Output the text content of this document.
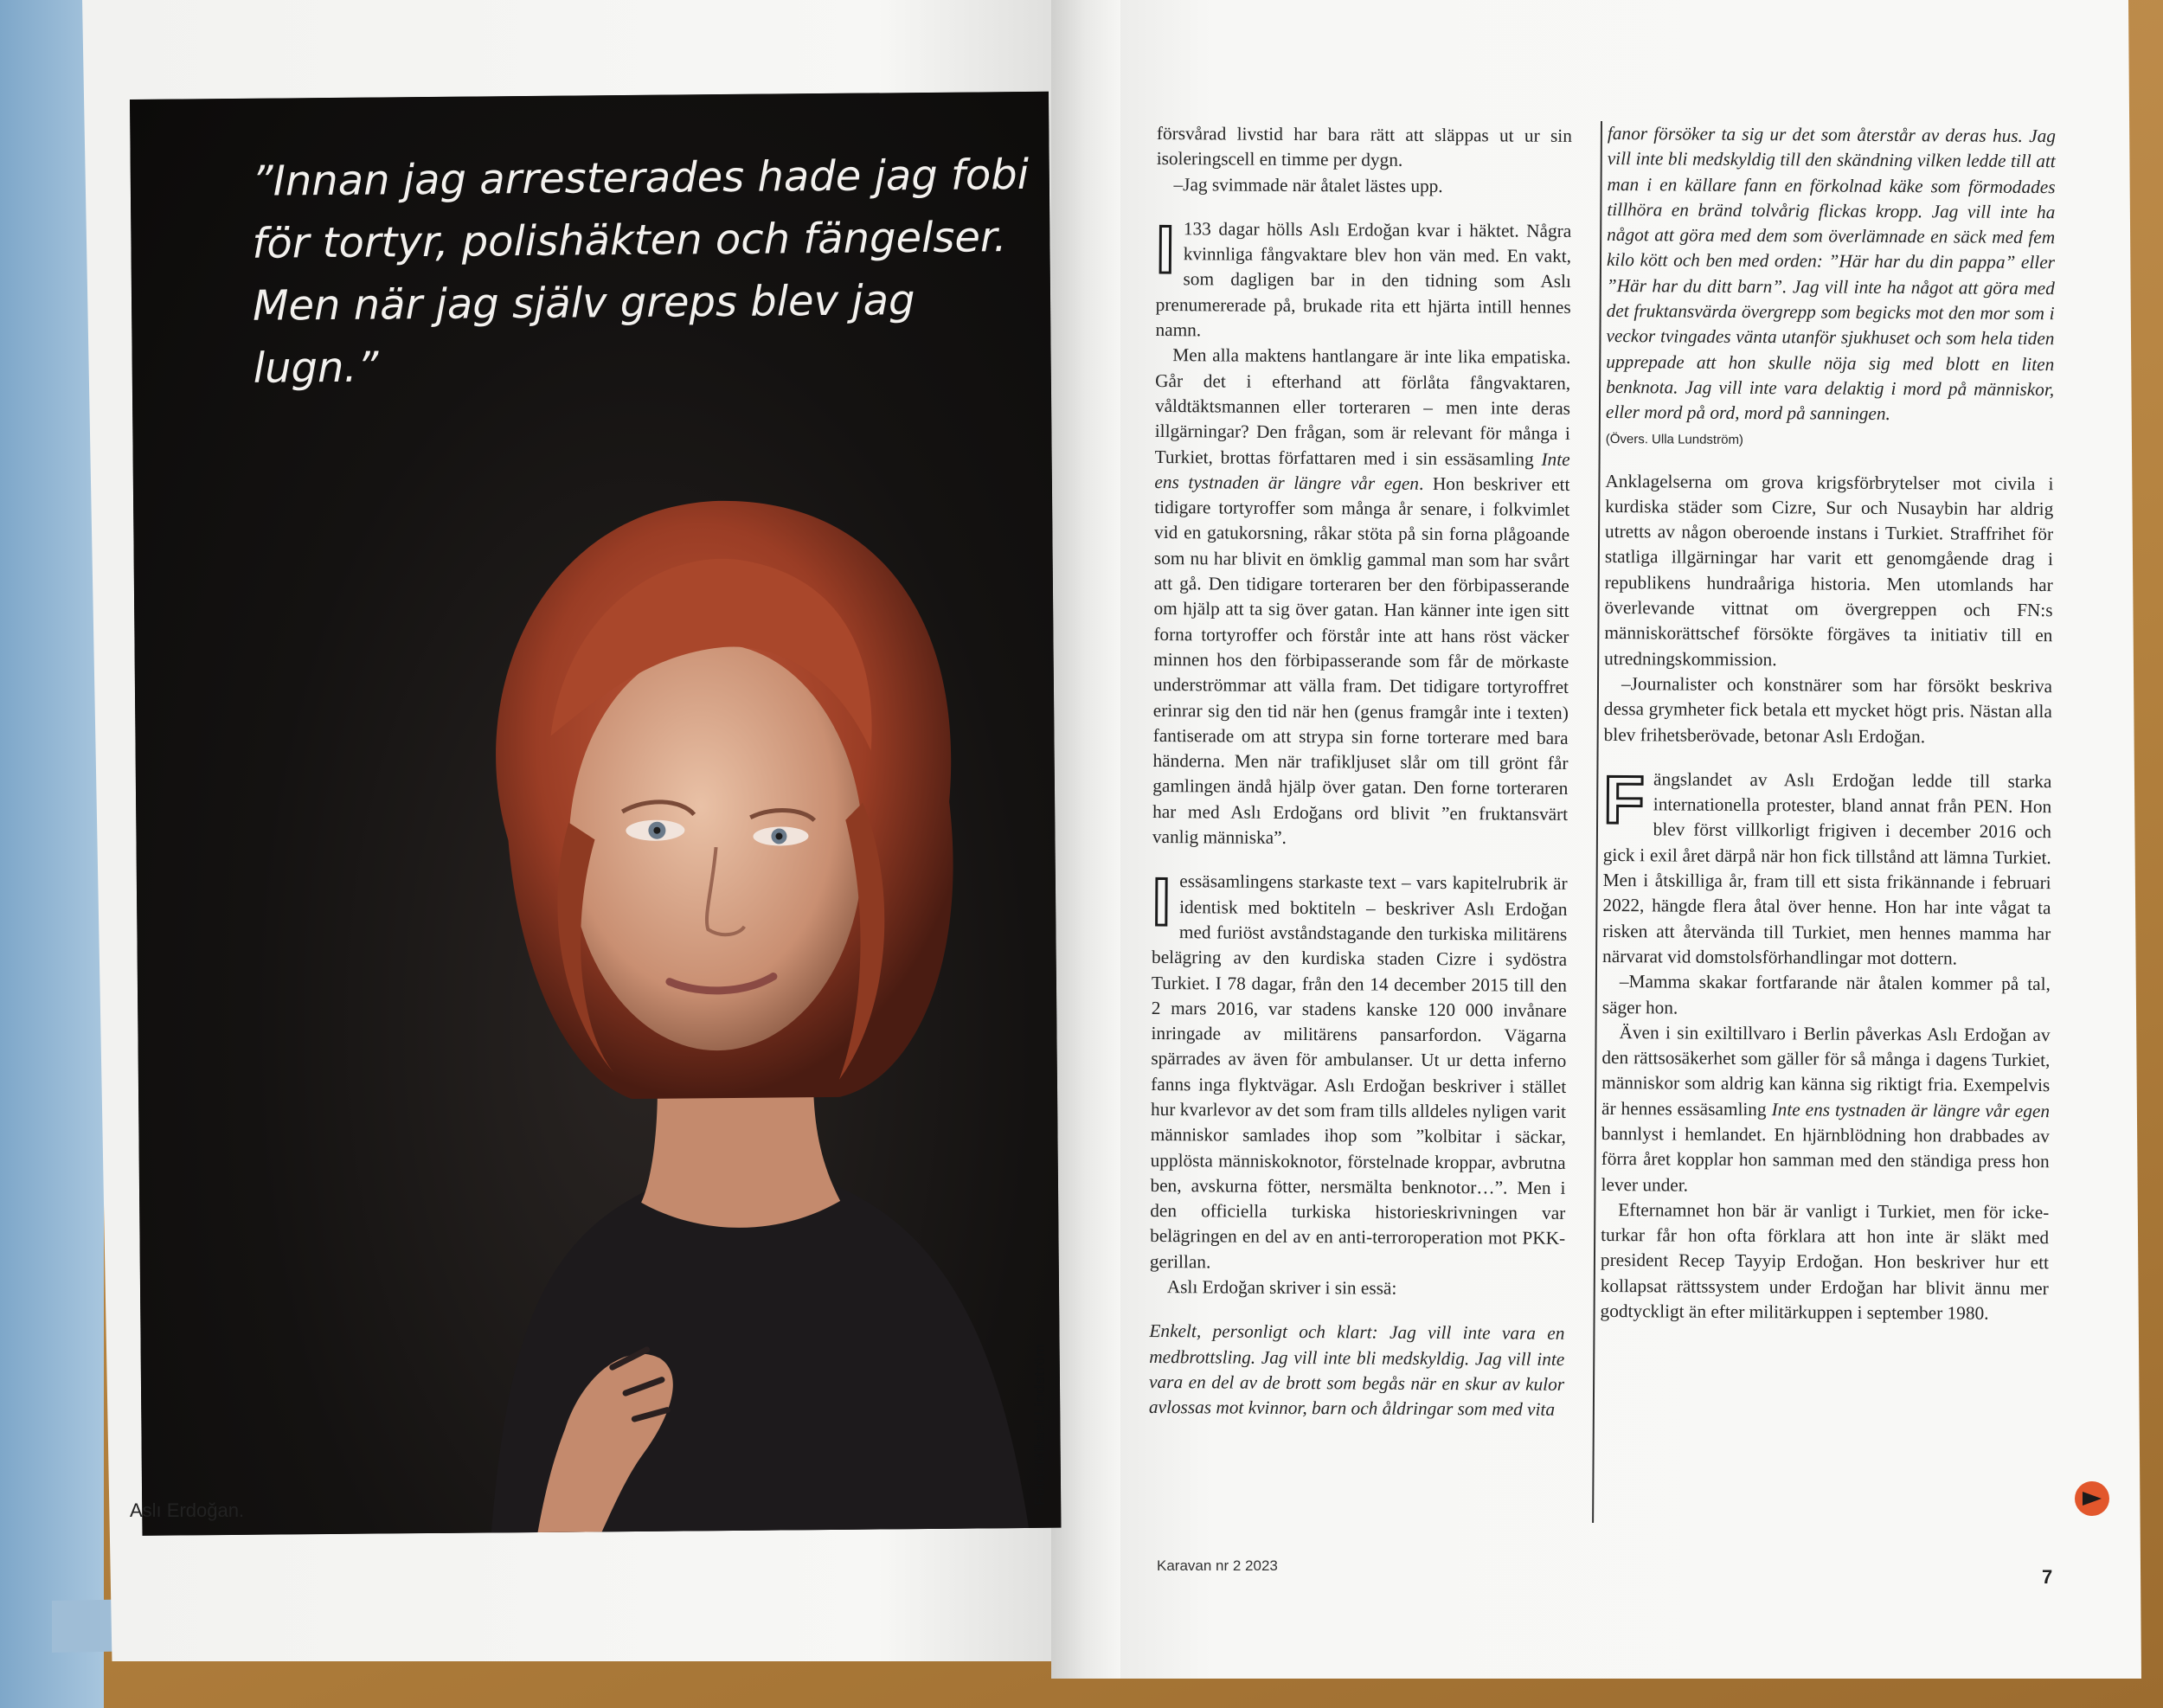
”Innan jag arresterades hade jag fobi för tortyr, polishäkten och fängelser. Men när jag själv greps blev jag lugn.”

Aslı Erdoğan.
Foto: Mikael Lindström

försvårad livstid har bara rätt att släppas ut ur sin isoleringscell en timme per dygn.

–Jag svimmade när åtalet lästes upp.

I 133 dagar hölls Aslı Erdoğan kvar i häktet. Några kvinnliga fångvaktare blev hon vän med. En vakt, som dagligen bar in den tidning som Aslı prenumererade på, brukade rita ett hjärta intill hennes namn.

Men alla maktens hantlangare är inte lika empatiska. Går det i efterhand att förlåta fångvaktaren, våldtäktsmannen eller torteraren – men inte deras illgärningar? Den frågan, som är relevant för många i Turkiet, brottas författaren med i sin essäsamling Inte ens tystnaden är längre vår egen. Hon beskriver ett tidigare tortyroffer som många år senare, i folkvimlet vid en gatukorsning, råkar stöta på sin forna plågoande som nu har blivit en ömklig gammal man som har svårt att gå. Den tidigare torteraren ber den förbipasserande om hjälp att ta sig över gatan. Han känner inte igen sitt forna tortyroffer och förstår inte att hans röst väcker minnen hos den förbipasserande som får de mörkaste underströmmar att välla fram. Det tidigare tortyroffret erinrar sig den tid när hen (genus framgår inte i texten) fantiserade om att strypa sin forne torterare med bara händerna. Men när trafikljuset slår om till grönt får gamlingen ändå hjälp över gatan. Den forne torteraren har med Aslı Erdoğans ord blivit ”en fruktansvärt vanlig människa”.

Iessäsamlingens starkaste text – vars kapitelrubrik är identisk med boktiteln – beskriver Aslı Erdoğan med furiöst avståndstagande den turkiska militärens belägring av den kurdiska staden Cizre i sydöstra Turkiet. I 78 dagar, från den 14 december 2015 till den 2 mars 2016, var stadens kanske 120 000 invånare inringade av militärens pansarfordon. Vägarna spärrades av även för ambulanser. Ut ur detta inferno fanns inga flyktvägar. Aslı Erdoğan beskriver i stället hur kvarlevor av det som fram tills alldeles nyligen varit människor samlades ihop som ”kolbitar i säckar, upplösta människoknotor, förstelnade kroppar, avbrutna ben, avskurna fötter, nersmälta benknotor…”. Men i den officiella turkiska historieskrivningen var belägringen en del av en anti-terroroperation mot PKK-gerillan.

Aslı Erdoğan skriver i sin essä:

Enkelt, personligt och klart: Jag vill inte vara en medbrottsling. Jag vill inte bli medskyldig. Jag vill inte vara en del av de brott som begås när en skur av kulor avlossas mot kvinnor, barn och åldringar som med vita

fanor försöker ta sig ur det som återstår av deras hus. Jag vill inte bli medskyldig till den skändning vilken ledde till att man i en källare fann en förkolnad käke som förmodades tillhöra en bränd tolvårig flickas kropp. Jag vill inte ha något att göra med dem som överlämnade en säck med fem kilo kött och ben med orden: ”Här har du din pappa” eller ”Här har du ditt barn”. Jag vill inte ha något att göra med det fruktansvärda övergrepp som begicks mot den mor som i veckor tvingades vänta utanför sjukhuset och som hela tiden upprepade att hon skulle nöja sig med blott en liten benknota. Jag vill inte vara delaktig i mord på människor, eller mord på ord, mord på sanningen.

(Övers. Ulla Lundström)

Anklagelserna om grova krigsförbrytelser mot civila i kurdiska städer som Cizre, Sur och Nusaybin har aldrig utretts av någon oberoende instans i Turkiet. Straffrihet för statliga illgärningar har varit ett genomgående drag i republikens hundraåriga historia. Men utomlands har överlevande vittnat om övergreppen och FN:s människorättschef försökte förgäves ta initiativ till en utredningskommission.

–Journalister och konstnärer som har försökt beskriva dessa grymheter fick betala ett mycket högt pris. Nästan alla blev frihetsberövade, betonar Aslı Erdoğan.

Fängslandet av Aslı Erdoğan ledde till starka internationella protester, bland annat från PEN. Hon blev först villkorligt frigiven i december 2016 och gick i exil året därpå när hon fick tillstånd att lämna Turkiet. Men i åtskilliga år, fram till ett sista frikännande i februari 2022, hängde flera åtal över henne. Hon har inte vågat ta risken att återvända till Turkiet, men hennes mamma har närvarat vid domstolsförhandlingar mot dottern.

–Mamma skakar fortfarande när åtalen kommer på tal, säger hon.

Även i sin exiltillvaro i Berlin påverkas Aslı Erdoğan av den rättsosäkerhet som gäller för så många i dagens Turkiet, människor som aldrig kan känna sig riktigt fria. Exempelvis är hennes essäsamling Inte ens tystnaden är längre vår egen bannlyst i hemlandet. En hjärnblödning hon drabbades av förra året kopplar hon samman med den ständiga press hon lever under.

Efternamnet hon bär är vanligt i Turkiet, men för icke-turkar får hon ofta förklara att hon inte är släkt med president Recep Tayyip Erdoğan. Hon beskriver hur ett kollapsat rättssystem under Erdoğan har blivit ännu mer godtyckligt än efter militärkuppen i september 1980.

Karavan nr 2 2023
7
